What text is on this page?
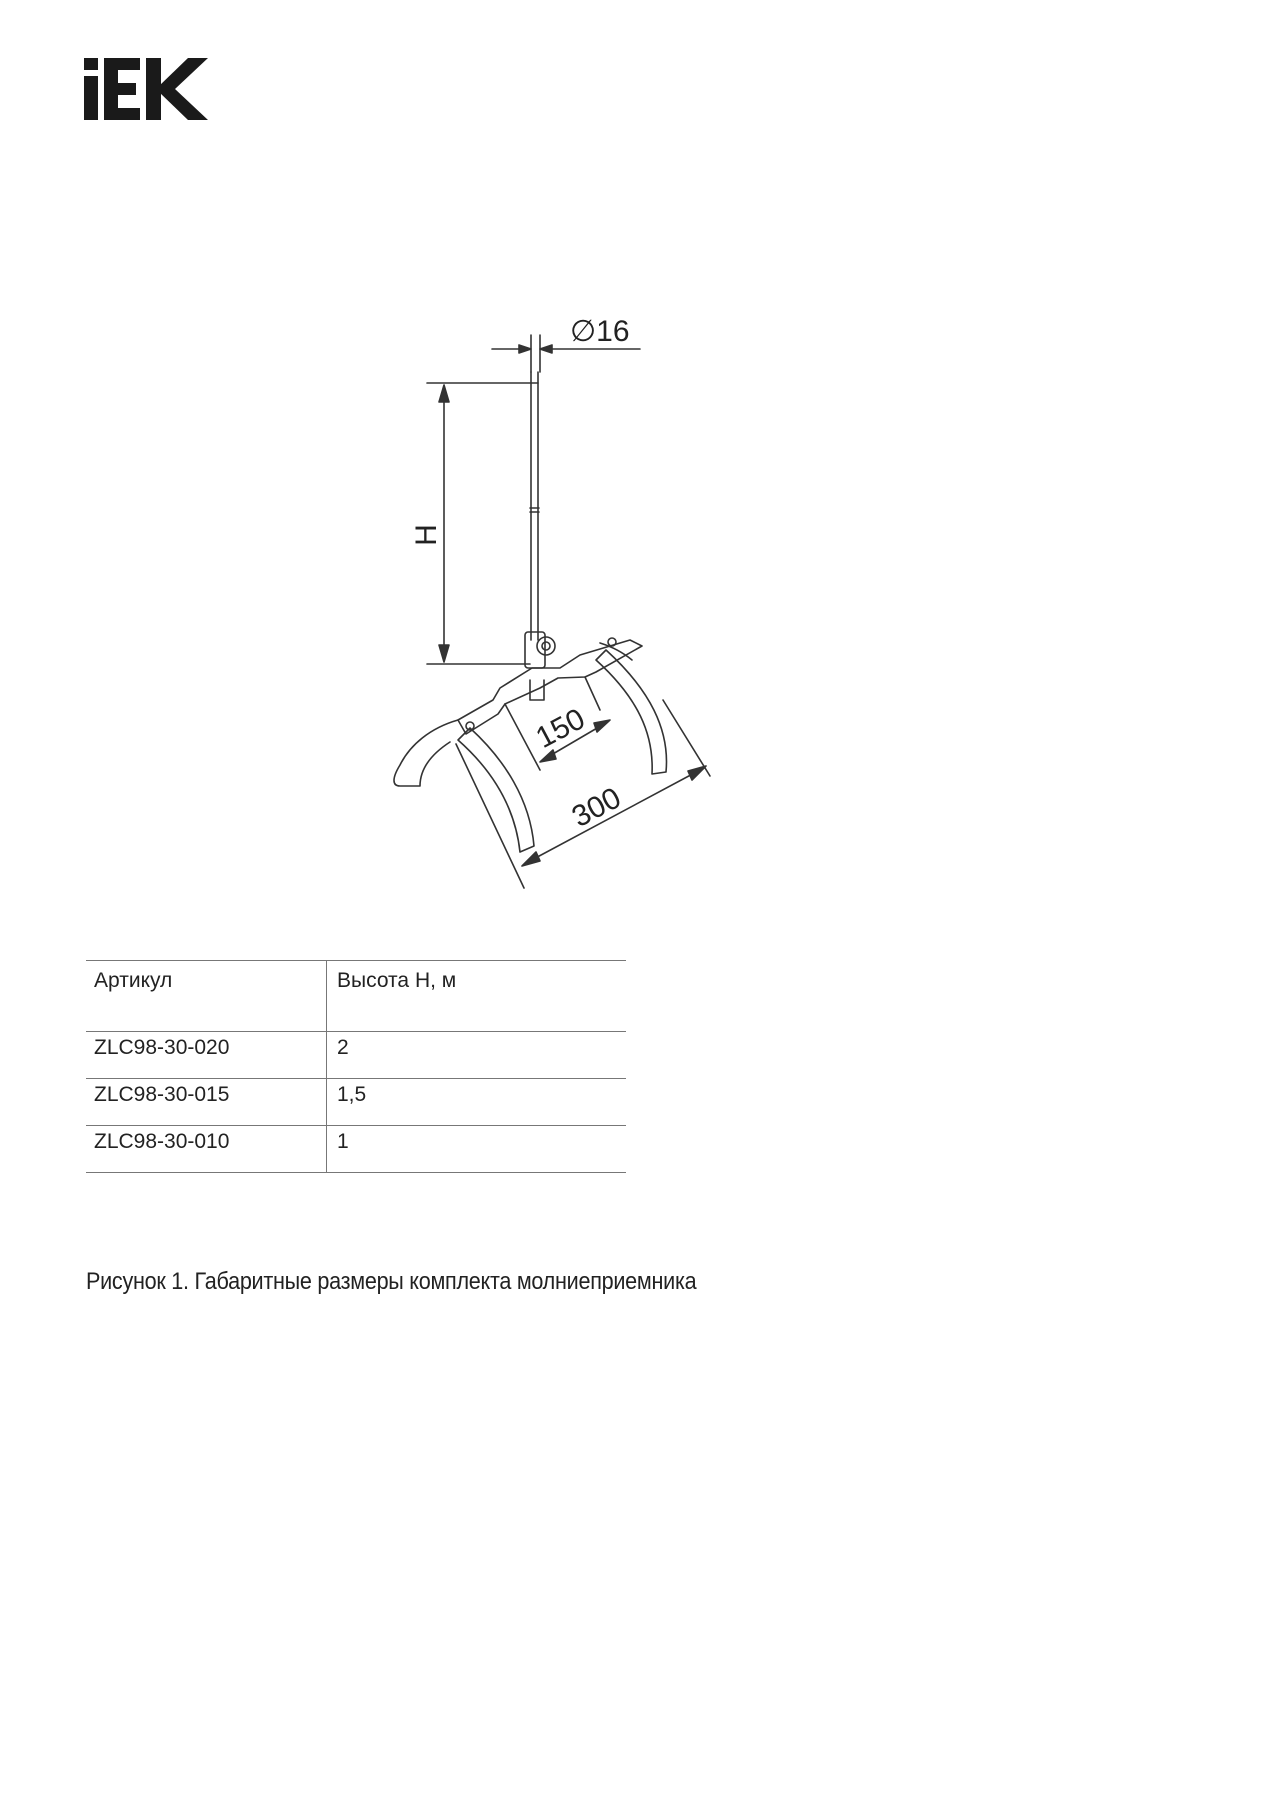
∅16
H
150
300
Артикул	Высота H, м
ZLC98-30-020	2
ZLC98-30-015	1,5
ZLC98-30-010	1
Рисунок 1. Габаритные размеры комплекта молниеприемника
